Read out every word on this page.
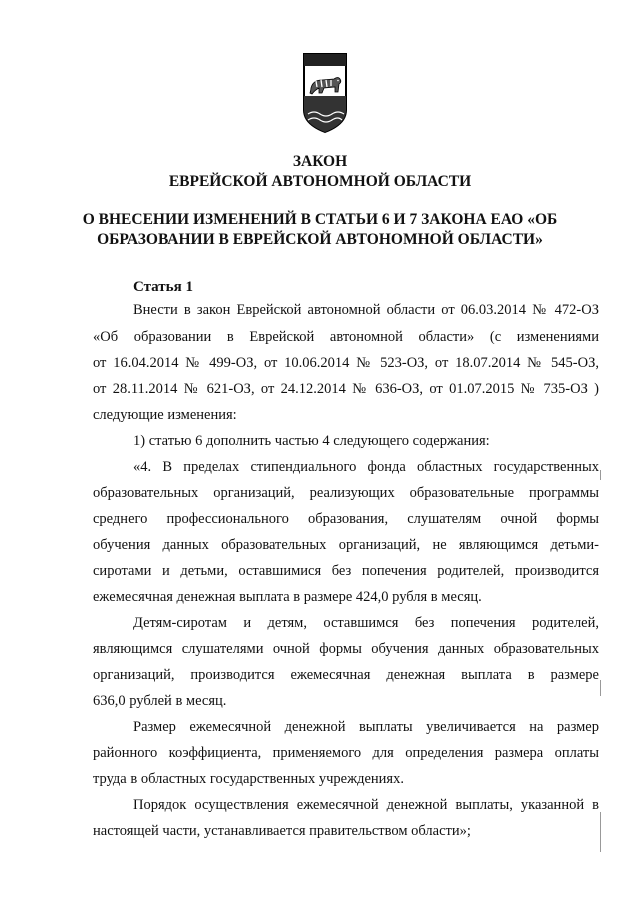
ЗАКОН
ЕВРЕЙСКОЙ АВТОНОМНОЙ ОБЛАСТИ
О ВНЕСЕНИИ ИЗМЕНЕНИЙ В СТАТЬИ 6 И 7 ЗАКОНА ЕАО «ОБ
ОБРАЗОВАНИИ В ЕВРЕЙСКОЙ АВТОНОМНОЙ ОБЛАСТИ»
Статья 1
Внести в закон Еврейской автономной области от 06.03.2014 № 472-ОЗ
«Об образовании в Еврейской автономной области» (с изменениями
от 16.04.2014 № 499-ОЗ, от 10.06.2014 № 523-ОЗ, от 18.07.2014 № 545-ОЗ,
от 28.11.2014 № 621-ОЗ, от 24.12.2014 № 636-ОЗ, от 01.07.2015 № 735-ОЗ )
следующие изменения:
1) статью 6 дополнить частью 4 следующего содержания:
«4. В пределах стипендиального фонда областных государственных
образовательных организаций, реализующих образовательные программы
среднего профессионального образования, слушателям очной формы
обучения данных образовательных организаций, не являющимся детьми-
сиротами и детьми, оставшимися без попечения родителей, производится
ежемесячная денежная выплата в размере 424,0 рубля в месяц.
Детям-сиротам и детям, оставшимся без попечения родителей,
являющимся слушателями очной формы обучения данных образовательных
организаций, производится ежемесячная денежная выплата в размере
636,0 рублей в месяц.
Размер ежемесячной денежной выплаты увеличивается на размер
районного коэффициента, применяемого для определения размера оплаты
труда в областных государственных учреждениях.
Порядок осуществления ежемесячной денежной выплаты, указанной в
настоящей части, устанавливается правительством области»;
